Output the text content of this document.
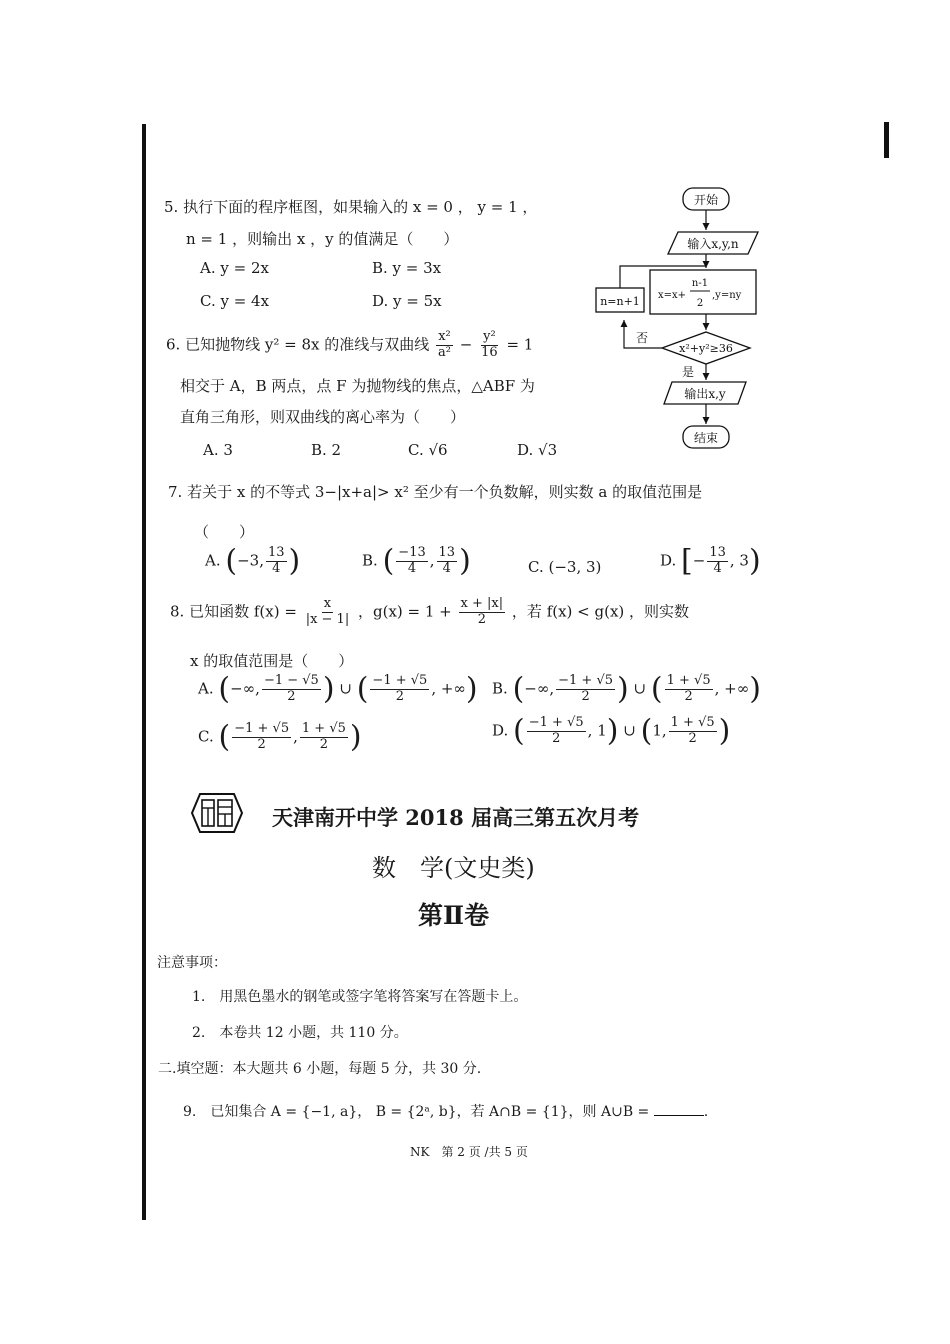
5. 执行下面的程序框图，如果输入的 x = 0 ， y = 1 ，
n = 1 ，则输出 x ，y 的值满足（　　）
A. y = 2x	B. y = 3x
C. y = 4x	D. y = 5x
开始
输入x,y,n
x=x+
n-1
2
,y=ny
x²+y²≥36
否
n=n+1
是
输出x,y
结束
6. 已知抛物线 y² = 8x 的准线与双曲线 $\frac{\text{x²}}{\text{a²}} - \frac{\text{y²}}{16} = 1$
相交于 A，B 两点，点 F 为抛物线的焦点，△ABF 为
直角三角形，则双曲线的离心率为（　　）
A. 3	B. 2	C. √6	D. √3
7. 若关于 x 的不等式 3−|x+a|> x² 至少有一个负数解，则实数 a 的取值范围是
（　　）
A. (−3, $\frac{13}{4}$ )	B. ( $\frac{-13}{4}$ , $\frac{13}{4}$ )	C. (−3, 3)	D. [− $\frac{13}{4}$ , 3)
8. 已知函数 $f(x) = \frac{x}{|x - 1|}$ ，$g(x) = 1 + \frac{x + |x|}{2}$ ，若 f(x) < g(x) ，则实数
x 的取值范围是（　　）
A. (−∞, $\frac{-1 - √5}{2}$ ) ∪ ( $\frac{-1 + √5}{2}$ , +∞) B. (−∞, $\frac{-1 + √5}{2}$ ) ∪ ( $\frac{1 + √5}{2}$ , +∞)
C. ( $\frac{-1 + √5}{2}$ , $\frac{1 + √5}{2}$ )	D. ( $\frac{-1 + √5}{2}$ , 1) ∪ (1, $\frac{1 + √5}{2}$ )
天津南开中学 2018 届高三第五次月考
数　学(文史类)
第Ⅱ卷
注意事项：
1.　用黑色墨水的钢笔或签字笔将答案写在答题卡上。
2.　本卷共 12 小题，共 110 分。
二.填空题：本大题共 6 小题，每题 5 分，共 30 分.
9.　已知集合 A = {−1, a}， B = {2ᵃ, b}，若 A∩B = {1}，则 A∪B =	.
NK　第 2 页 /共 5 页
